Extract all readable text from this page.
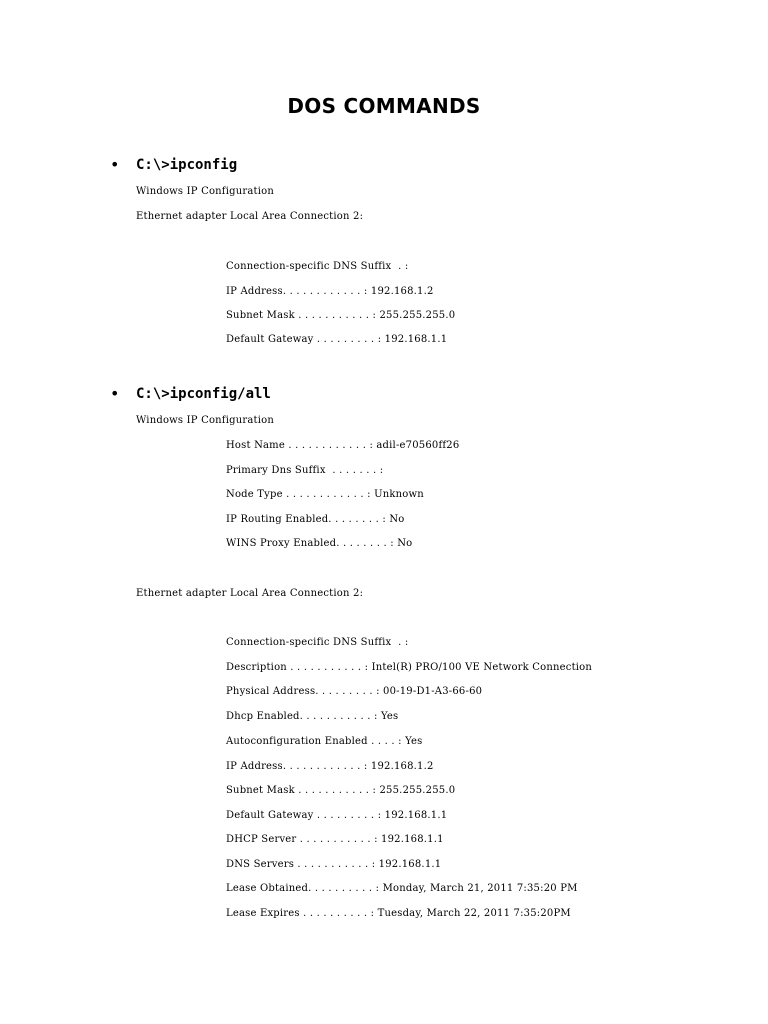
DOS COMMANDS
• C:\>ipconfig
Windows IP Configuration
Ethernet adapter Local Area Connection 2:
Connection-specific DNS Suffix  . :
IP Address. . . . . . . . . . . . : 192.168.1.2
Subnet Mask . . . . . . . . . . . : 255.255.255.0
Default Gateway . . . . . . . . . : 192.168.1.1
• C:\>ipconfig/all
Windows IP Configuration
Host Name . . . . . . . . . . . . : adil-e70560ff26
Primary Dns Suffix  . . . . . . . :
Node Type . . . . . . . . . . . . : Unknown
IP Routing Enabled. . . . . . . . : No
WINS Proxy Enabled. . . . . . . . : No
Ethernet adapter Local Area Connection 2:
Connection-specific DNS Suffix  . :
Description . . . . . . . . . . . : Intel(R) PRO/100 VE Network Connection
Physical Address. . . . . . . . . : 00-19-D1-A3-66-60
Dhcp Enabled. . . . . . . . . . . : Yes
Autoconfiguration Enabled . . . . : Yes
IP Address. . . . . . . . . . . . : 192.168.1.2
Subnet Mask . . . . . . . . . . . : 255.255.255.0
Default Gateway . . . . . . . . . : 192.168.1.1
DHCP Server . . . . . . . . . . . : 192.168.1.1
DNS Servers . . . . . . . . . . . : 192.168.1.1
Lease Obtained. . . . . . . . . . : Monday, March 21, 2011 7:35:20 PM
Lease Expires . . . . . . . . . . : Tuesday, March 22, 2011 7:35:20PM
